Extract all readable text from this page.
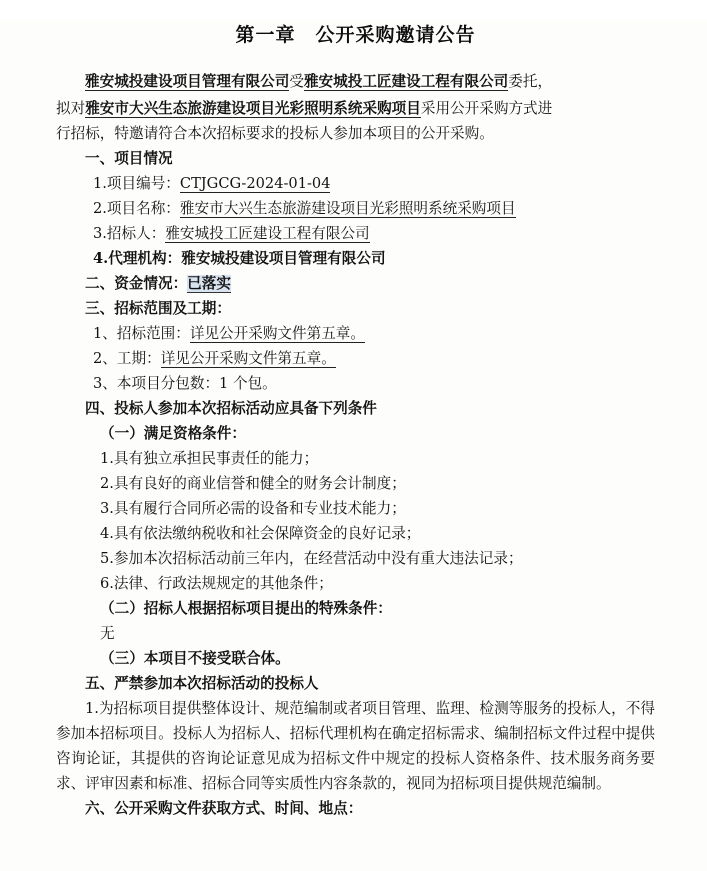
第一章　公开采购邀请公告
雅安城投建设项目管理有限公司受雅安城投工匠建设工程有限公司委托，
拟对雅安市大兴生态旅游建设项目光彩照明系统采购项目采用公开采购方式进
行招标，特邀请符合本次招标要求的投标人参加本项目的公开采购。
一、项目情况
1.项目编号：CTJGCG-2024-01-04
2.项目名称：雅安市大兴生态旅游建设项目光彩照明系统采购项目
3.招标人：雅安城投工匠建设工程有限公司
4.代理机构：雅安城投建设项目管理有限公司
二、资金情况：已落实
三、招标范围及工期：
1、招标范围：详见公开采购文件第五章。
2、工期：详见公开采购文件第五章。
3、本项目分包数：1 个包。
四、投标人参加本次招标活动应具备下列条件
（一）满足资格条件：
1.具有独立承担民事责任的能力；
2.具有良好的商业信誉和健全的财务会计制度；
3.具有履行合同所必需的设备和专业技术能力；
4.具有依法缴纳税收和社会保障资金的良好记录；
5.参加本次招标活动前三年内，在经营活动中没有重大违法记录；
6.法律、行政法规规定的其他条件；
（二）招标人根据招标项目提出的特殊条件：
无
（三）本项目不接受联合体。
五、严禁参加本次招标活动的投标人
1.为招标项目提供整体设计、规范编制或者项目管理、监理、检测等服务的投标人，不得参加本招标项目。投标人为招标人、招标代理机构在确定招标需求、编制招标文件过程中提供咨询论证，其提供的咨询论证意见成为招标文件中规定的投标人资格条件、技术服务商务要求、评审因素和标准、招标合同等实质性内容条款的，视同为招标项目提供规范编制。
六、公开采购文件获取方式、时间、地点：
